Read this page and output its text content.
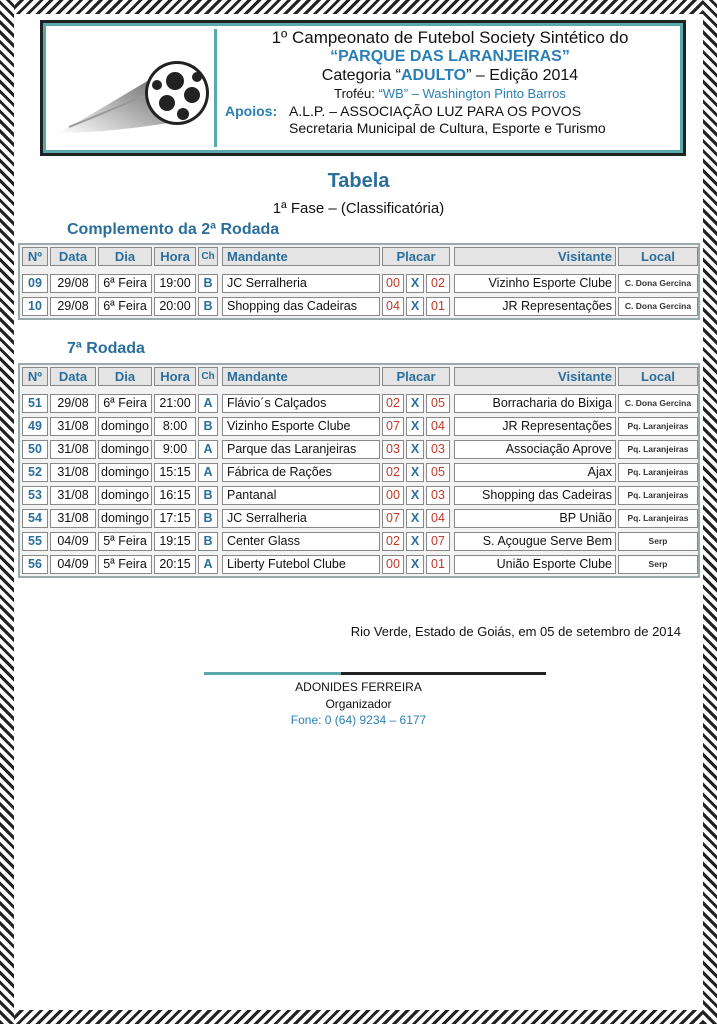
1º Campeonato de Futebol Society Sintético do
“PARQUE DAS LARANJEIRAS”
Categoria “ADULTO” – Edição 2014
Troféu: “WB” – Washington Pinto Barros
Apoios: A.L.P. – ASSOCIAÇÃO LUZ PARA OS POVOS
Secretaria Municipal de Cultura, Esporte e Turismo
Tabela
1ª Fase – (Classificatória)
Complemento da 2ª Rodada
Nº	Data	Dia	Hora	Ch Mandante	Placar	Visitante	Local
09	29/08	6ª Feira	19:00	B	JC Serralheria	00 X 02	Vizinho Esporte Clube	C. Dona Gercina
10	29/08	6ª Feira	20:00	B	Shopping das Cadeiras	04 X 01	JR Representações	C. Dona Gercina
7ª Rodada
Nº	Data	Dia	Hora	Ch Mandante	Placar	Visitante	Local
51	29/08	6ª Feira	21:00	A	Flávio´s Calçados	02 X 05	Borracharia do Bixiga	C. Dona Gercina
49	31/08 domingo	8:00	B	Vizinho Esporte Clube	07 X 04	JR Representações	Pq. Laranjeiras
50	31/08 domingo	9:00	A	Parque das Laranjeiras	03 X 03	Associação Aprove	Pq. Laranjeiras
52	31/08 domingo 15:15	A	Fábrica de Rações	02 X 05	Ajax	Pq. Laranjeiras
53	31/08 domingo 16:15	B	Pantanal	00 X 03	Shopping das Cadeiras	Pq. Laranjeiras
54	31/08 domingo 17:15	B	JC Serralheria	07 X 04	BP União	Pq. Laranjeiras
55	04/09	5ª Feira	19:15	B	Center Glass	02 X 07	S. Açougue Serve Bem	Serp
56	04/09	5ª Feira	20:15	A	Liberty Futebol Clube	00 X 01	União Esporte Clube	Serp
Rio Verde, Estado de Goiás, em 05 de setembro de 2014
ADONIDES FERREIRA
Organizador
Fone: 0 (64) 9234 – 6177
